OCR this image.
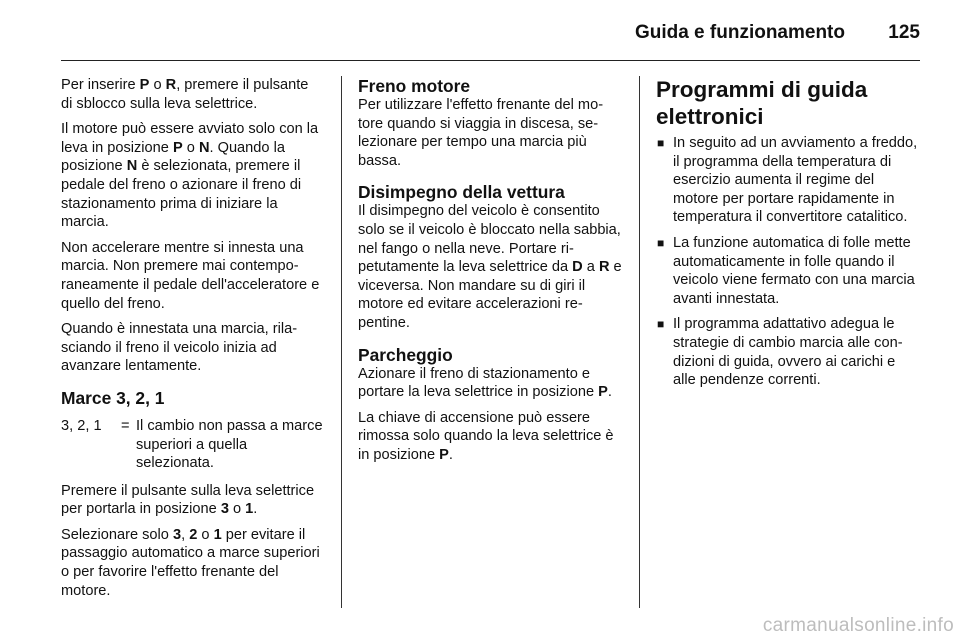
Guida e funzionamento 125

Per inserire P o R, premere il pulsante di sblocco sulla leva selettrice.

Il motore può essere avviato solo con la leva in posizione P o N. Quando la posizione N è selezionata, premere il pedale del freno o azionare il freno di stazionamento prima di iniziare la marcia.

Non accelerare mentre si innesta una marcia. Non premere mai contemporaneamente il pedale dell'acceleratore e quello del freno.

Quando è innestata una marcia, rilasciando il freno il veicolo inizia ad avanzare lentamente.

Marce 3, 2, 1
3, 2, 1	= Il cambio non passa a marce superiori a quella selezionata.

Premere il pulsante sulla leva selettrice per portarla in posizione 3 o 1.

Selezionare solo 3, 2 o 1 per evitare il passaggio automatico a marce superiori o per favorire l'effetto frenante del motore.

Freno motore

Per utilizzare l'effetto frenante del motore quando si viaggia in discesa, selezionare per tempo una marcia più bassa.

Disimpegno della vettura

Il disimpegno del veicolo è consentito solo se il veicolo è bloccato nella sabbia, nel fango o nella neve. Portare ripetutamente la leva selettrice da D a R e viceversa. Non mandare su di giri il motore ed evitare accelerazioni repentine.

Parcheggio

Azionare il freno di stazionamento e portare la leva selettrice in posizione P.

La chiave di accensione può essere rimossa solo quando la leva selettrice è in posizione P.

Programmi di guida elettronici
■ In seguito ad un avviamento a freddo, il programma della temperatura di esercizio aumenta il regime del motore per portare rapidamente in temperatura il convertitore catalitico.
■ La funzione automatica di folle mette automaticamente in folle quando il veicolo viene fermato con una marcia avanti innestata.
■ Il programma adattativo adegua le strategie di cambio marcia alle condizioni di guida, ovvero ai carichi e alle pendenze correnti.
carmanualsonline.info
